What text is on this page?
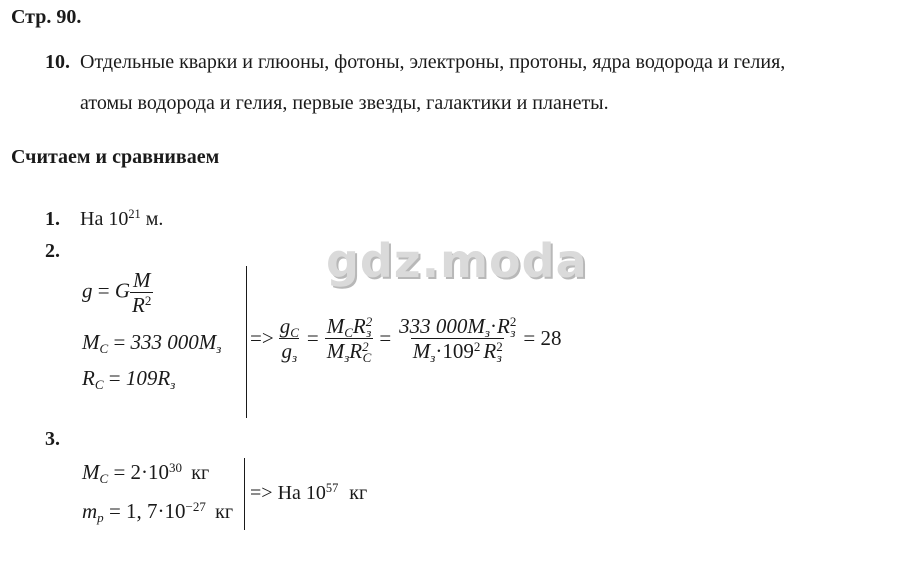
Стр. 90.
10. Отдельные кварки и глюоны, фотоны, электроны, протоны, ядра водорода и гелия,
атомы водорода и гелия, первые звезды, галактики и планеты.
Считаем и сравниваем
1. На $10^{21}$ м.
gdz.moda
2.
g = G $\frac{M}{R^2}$
$M_C = 333$ $000M_з$
$R_C = 109R_з$
=> $\frac{g_C}{g_з} = \frac{M_CR^2_з}{M_зR^2_C} = \frac{333 000M_з\cdot R^2_з}{M_з\cdot 109^2 R^2_з} = 28$
3.
$M_C = 2\cdot 10^{30}$ кг
$m_p = 1$, $7\cdot 10^{-27}$ кг
=> На $10^{57}$ кг
